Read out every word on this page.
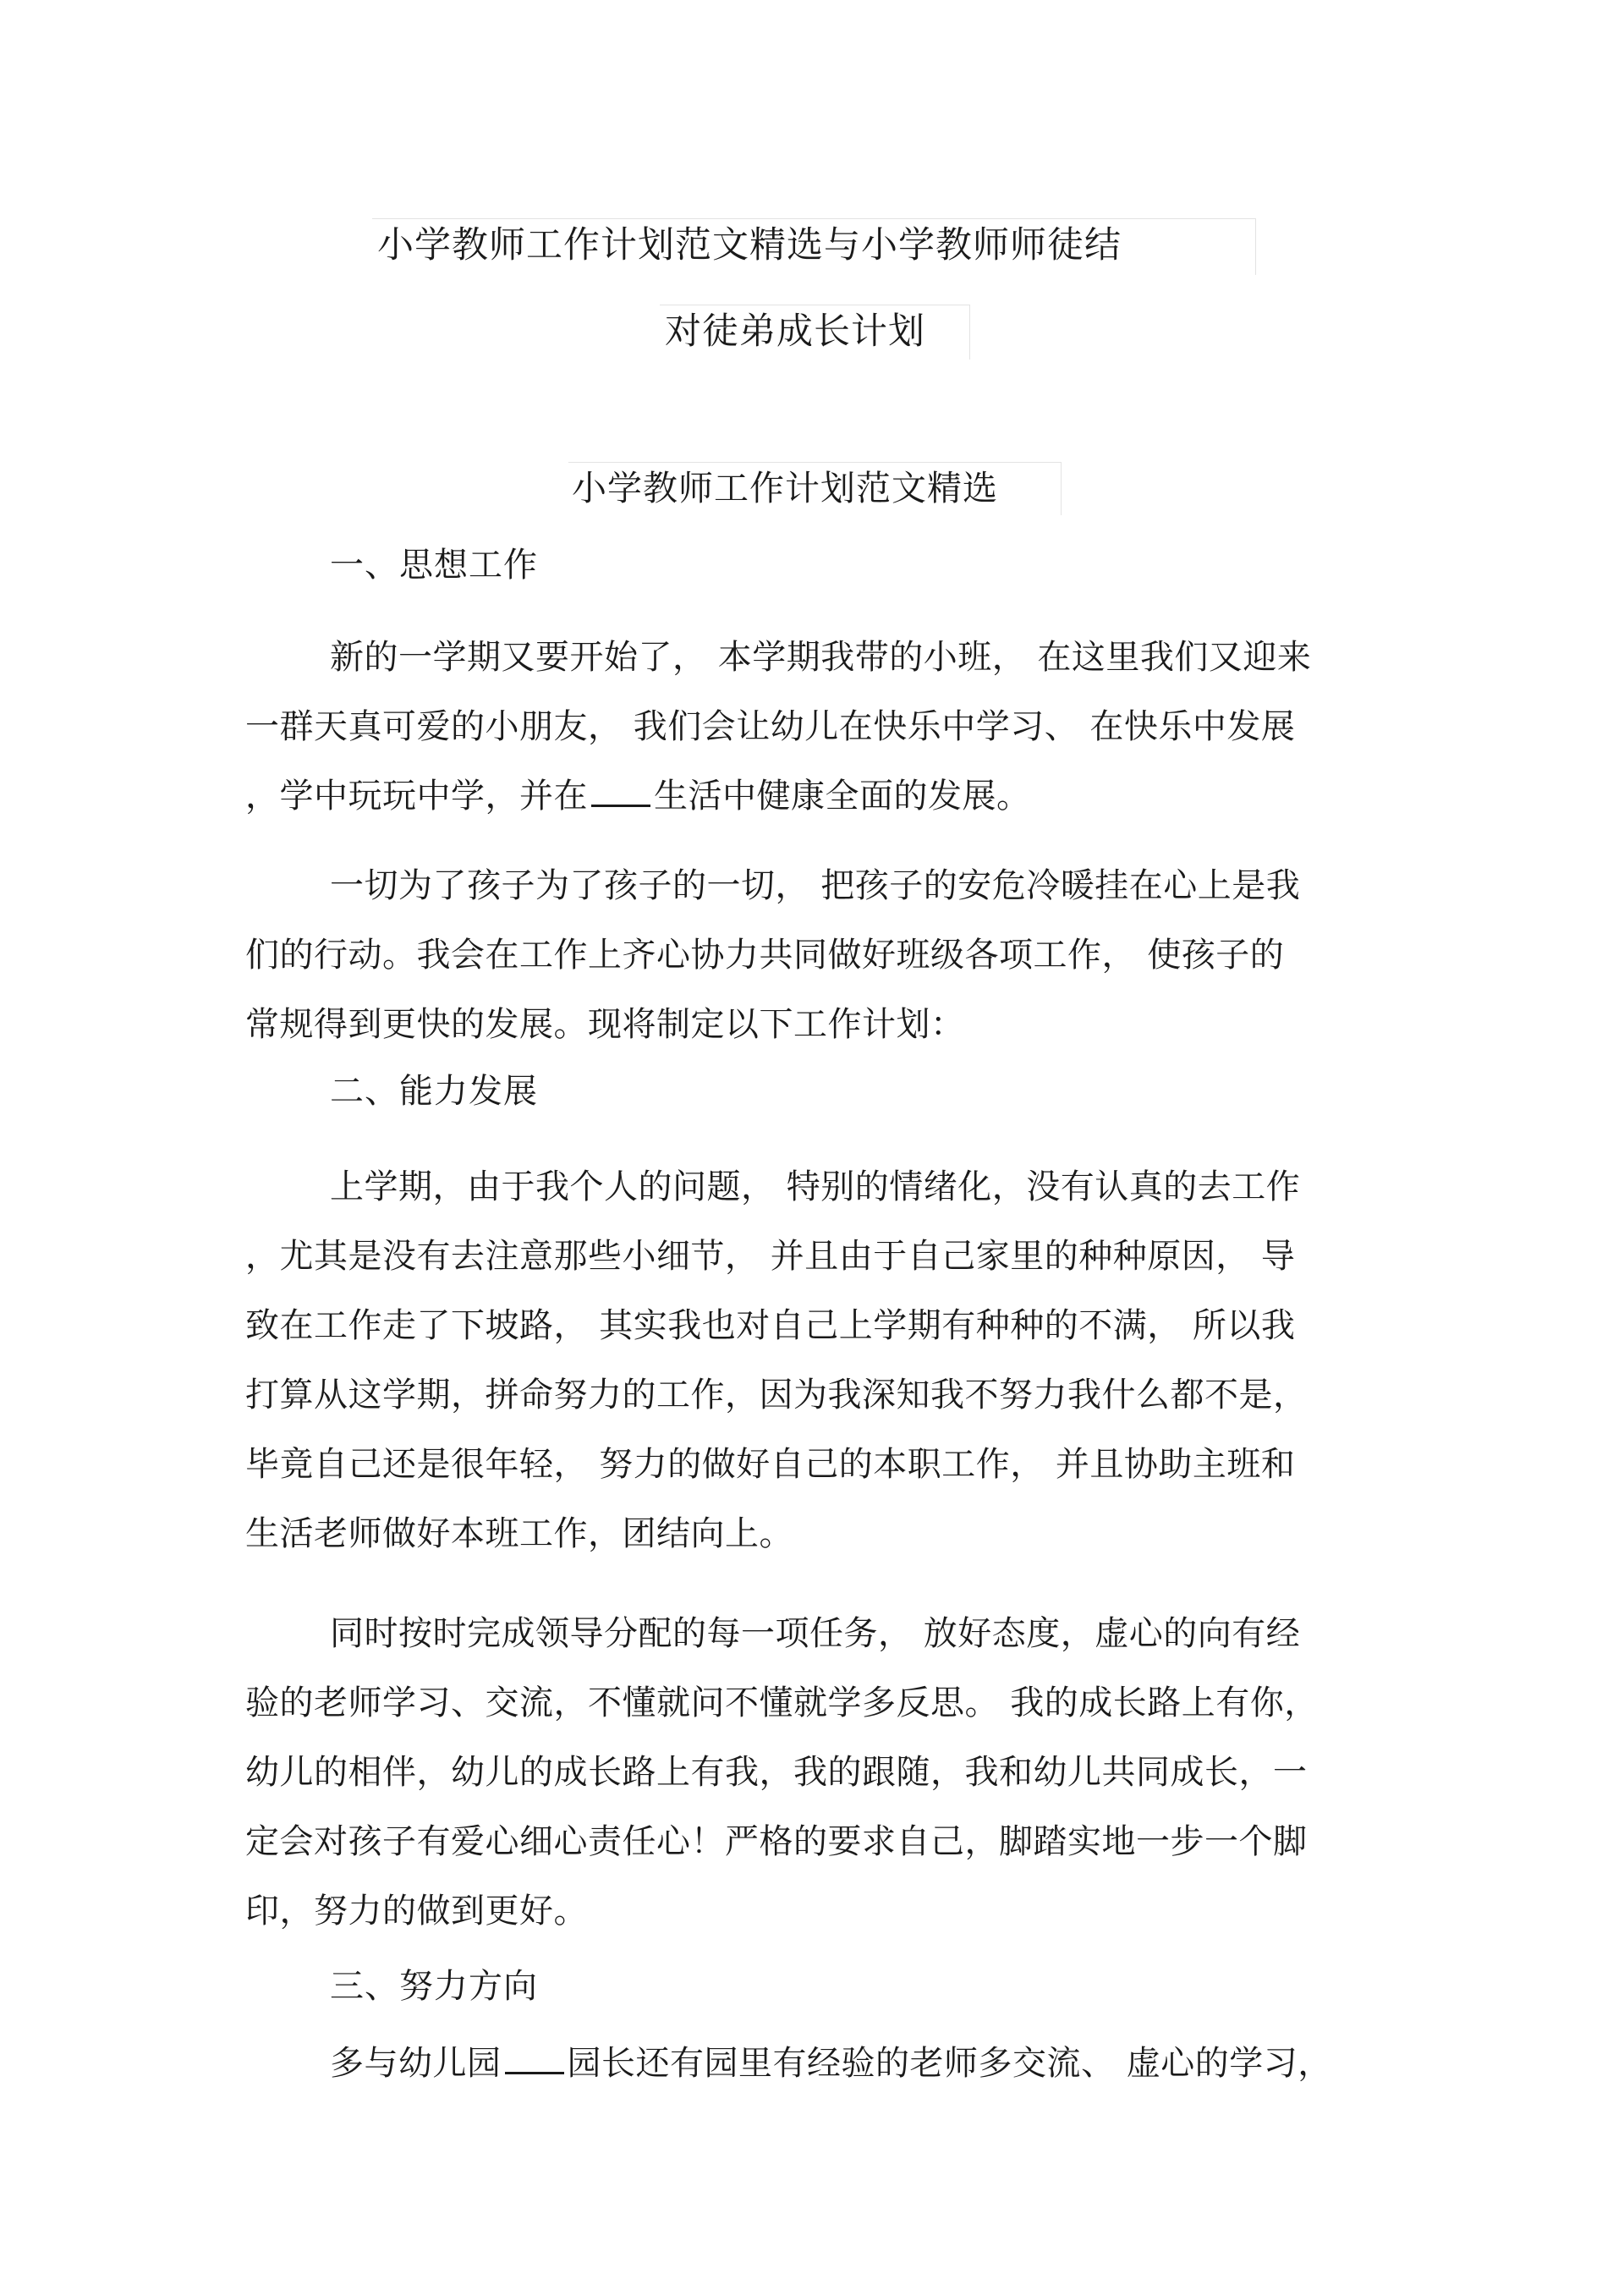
小学教师工作计划范文精选与小学教师师徒结
对徒弟成长计划
小学教师工作计划范文精选
一、思想工作
新的一学期又要开始了， 本学期我带的小班， 在这里我们又迎来
一群天真可爱的小朋友， 我们会让幼儿在快乐中学习、 在快乐中发展
，学中玩玩中学，并在 生活中健康全面的发展。
一切为了孩子为了孩子的一切， 把孩子的安危冷暖挂在心上是我
们的行动。我会在工作上齐心协力共同做好班级各项工作， 使孩子的
常规得到更快的发展。现将制定以下工作计划：
二、能力发展
上学期，由于我个人的问题， 特别的情绪化，没有认真的去工作
，尤其是没有去注意那些小细节， 并且由于自己家里的种种原因， 导
致在工作走了下坡路， 其实我也对自己上学期有种种的不满， 所以我
打算从这学期，拼命努力的工作，因为我深知我不努力我什么都不是，
毕竟自己还是很年轻， 努力的做好自己的本职工作， 并且协助主班和
生活老师做好本班工作，团结向上。
同时按时完成领导分配的每一项任务， 放好态度，虚心的向有经
验的老师学习、交流，不懂就问不懂就学多反思。 我的成长路上有你，
幼儿的相伴，幼儿的成长路上有我，我的跟随，我和幼儿共同成长，一
定会对孩子有爱心细心责任心！严格的要求自己，脚踏实地一步一个脚
印，努力的做到更好。
三、努力方向
多与幼儿园 园长还有园里有经验的老师多交流、 虚心的学习，
